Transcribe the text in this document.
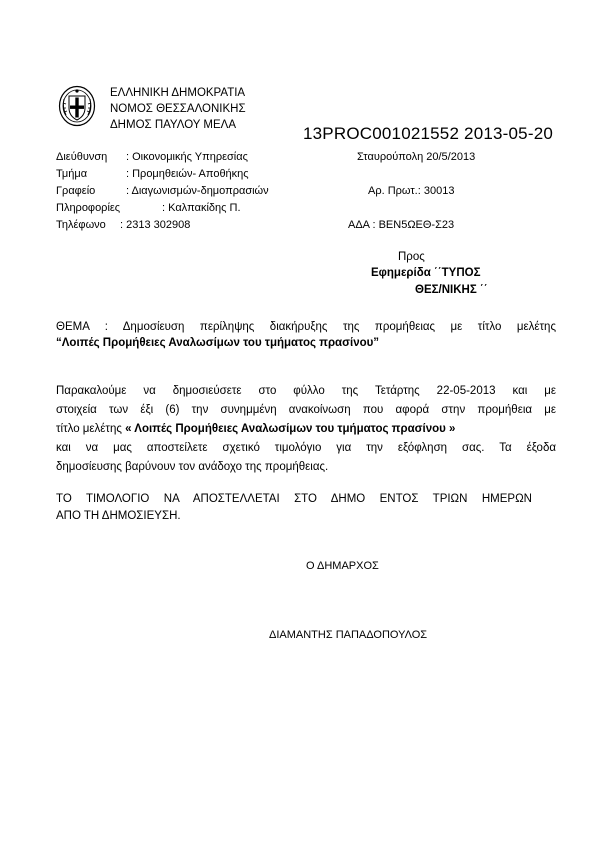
ΕΛΛΗΝΙΚΗ ΔΗΜΟΚΡΑΤΙΑ
ΝΟΜΟΣ ΘΕΣΣΑΛΟΝΙΚΗΣ
ΔΗΜΟΣ ΠΑΥΛΟΥ ΜΕΛΑ	13PROC001021552 2013-05-20
Διεύθυνση : Οικονομικής Υπηρεσίας
Τμήμα	: Προμηθειών- Αποθήκης
Γραφείο	: Διαγωνισμών-δημοπρασιών
Πληροφορίες	: Καλπακίδης Π.
Τηλέφωνο : 2313 302908
Σταυρούπολη 20/5/2013
Αρ. Πρωτ.: 30013
ΑΔΑ : ΒΕΝ5ΩΕΘ-Σ23
Προς
Εφημερίδα ΄΄ΤΥΠΟΣ
ΘΕΣ/ΝΙΚΗΣ ΄΄
ΘΕΜΑ : Δημοσίευση περίληψης διακήρυξης της προμήθειας με τίτλο μελέτης
“Λοιπές Προμήθειες Αναλωσίμων του τμήματος πρασίνου”
Παρακαλούμε να δημοσιεύσετε στο φύλλο της Τετάρτης 22-05-2013 και με
στοιχεία των έξι (6) την συνημμένη ανακοίνωση που αφορά στην προμήθεια με
τίτλο μελέτης « Λοιπές Προμήθειες Αναλωσίμων του τμήματος πρασίνου »
και να μας αποστείλετε σχετικό τιμολόγιο για την εξόφληση σας. Τα έξοδα
δημοσίευσης βαρύνουν τον ανάδοχο της προμήθειας.
ΤΟ ΤΙΜΟΛΟΓΙΟ ΝΑ ΑΠΟΣΤΕΛΛΕΤΑΙ ΣΤΟ ΔΗΜΟ ΕΝΤΟΣ ΤΡΙΩΝ ΗΜΕΡΩΝ
ΑΠΟ ΤΗ ΔΗΜΟΣΙΕΥΣΗ.
Ο ΔΗΜΑΡΧΟΣ
ΔΙΑΜΑΝΤΗΣ ΠΑΠΑΔΟΠΟΥΛΟΣ
